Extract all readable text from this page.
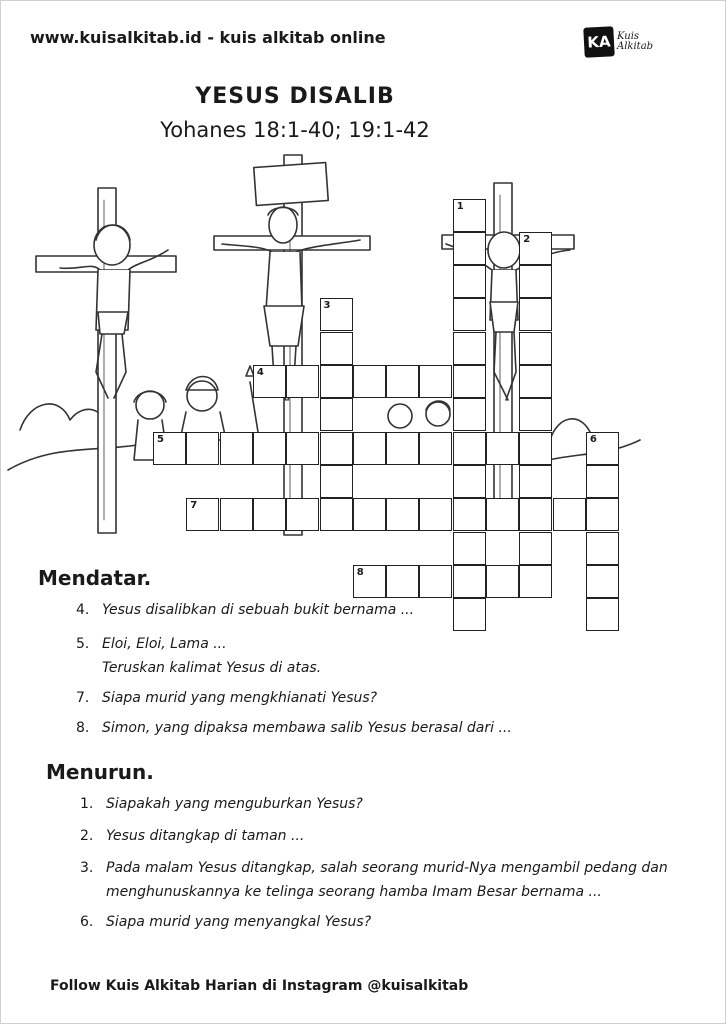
www.kuisalkitab.id - kuis alkitab online	KA Kuis
Alkitab
YESUS DISALIB
Yohanes 18:1-40; 19:1-42
1
2
3
4
5	6
7
8
Mendatar.
4. Yesus disalibkan di sebuah bukit bernama ...
5. Eloi, Eloi, Lama ...
Teruskan kalimat Yesus di atas.
7. Siapa murid yang mengkhianati Yesus?
8. Simon, yang dipaksa membawa salib Yesus berasal dari ...
Menurun.
1. Siapakah yang menguburkan Yesus?
2. Yesus ditangkap di taman ...
3. Pada malam Yesus ditangkap, salah seorang murid-Nya mengambil pedang dan
menghunuskannya ke telinga seorang hamba Imam Besar bernama ...
6. Siapa murid yang menyangkal Yesus?
Follow Kuis Alkitab Harian di Instagram @kuisalkitab
